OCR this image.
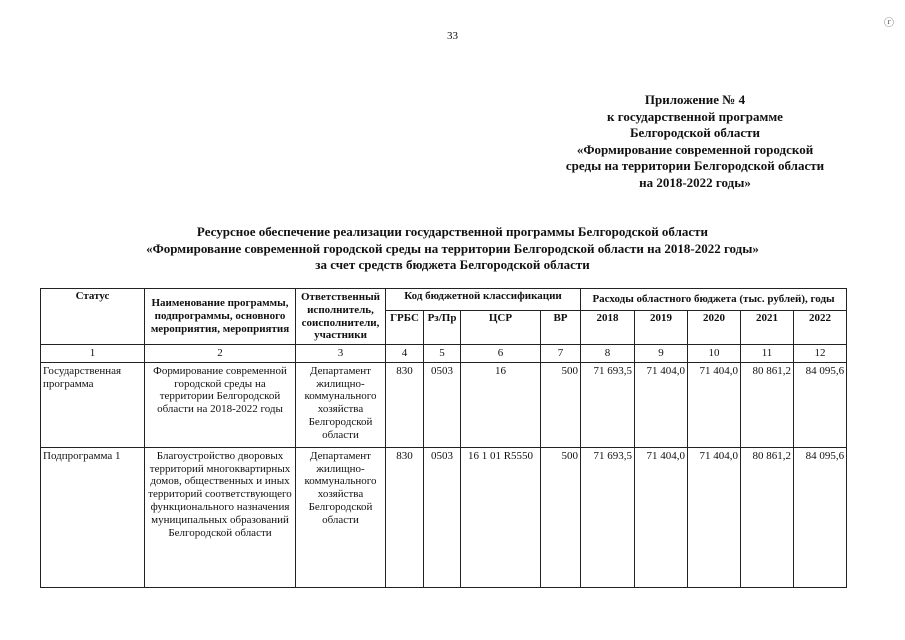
33
ⓡ
Приложение № 4
к государственной программе
Белгородской области
«Формирование современной городской
среды на территории Белгородской области
на 2018-2022 годы»
Ресурсное обеспечение реализации государственной программы Белгородской области
«Формирование современной городской среды на территории Белгородской области на 2018-2022 годы»
за счет средств бюджета Белгородской области
Статус	Наименование программы, подпрограммы, основного мероприятия, мероприятия	Ответственный исполнитель, соисполнители, участники	Код бюджетной классификации				Расходы областного бюджета (тыс. рублей), годы				
			ГРБС	Рз/Пр	ЦСР	ВР	2018	2019	2020	2021	2022
1	2	3	4	5	6	7	8	9	10	11	12
Государственная программа	Формирование современной городской среды на территории Белгородской области на 2018-2022 годы	Департамент жилищно-коммунального хозяйства Белгородской области	830	0503	16	500	71 693,5	71 404,0	71 404,0	80 861,2	84 095,6
Подпрограмма 1	Благоустройство дворовых территорий многоквартирных домов, общественных и иных территорий соответствующего функционального назначения муниципальных образований Белгородской области	Департамент жилищно-коммунального хозяйства Белгородской области	830	0503	16 1 01 R5550	500	71 693,5	71 404,0	71 404,0	80 861,2	84 095,6
